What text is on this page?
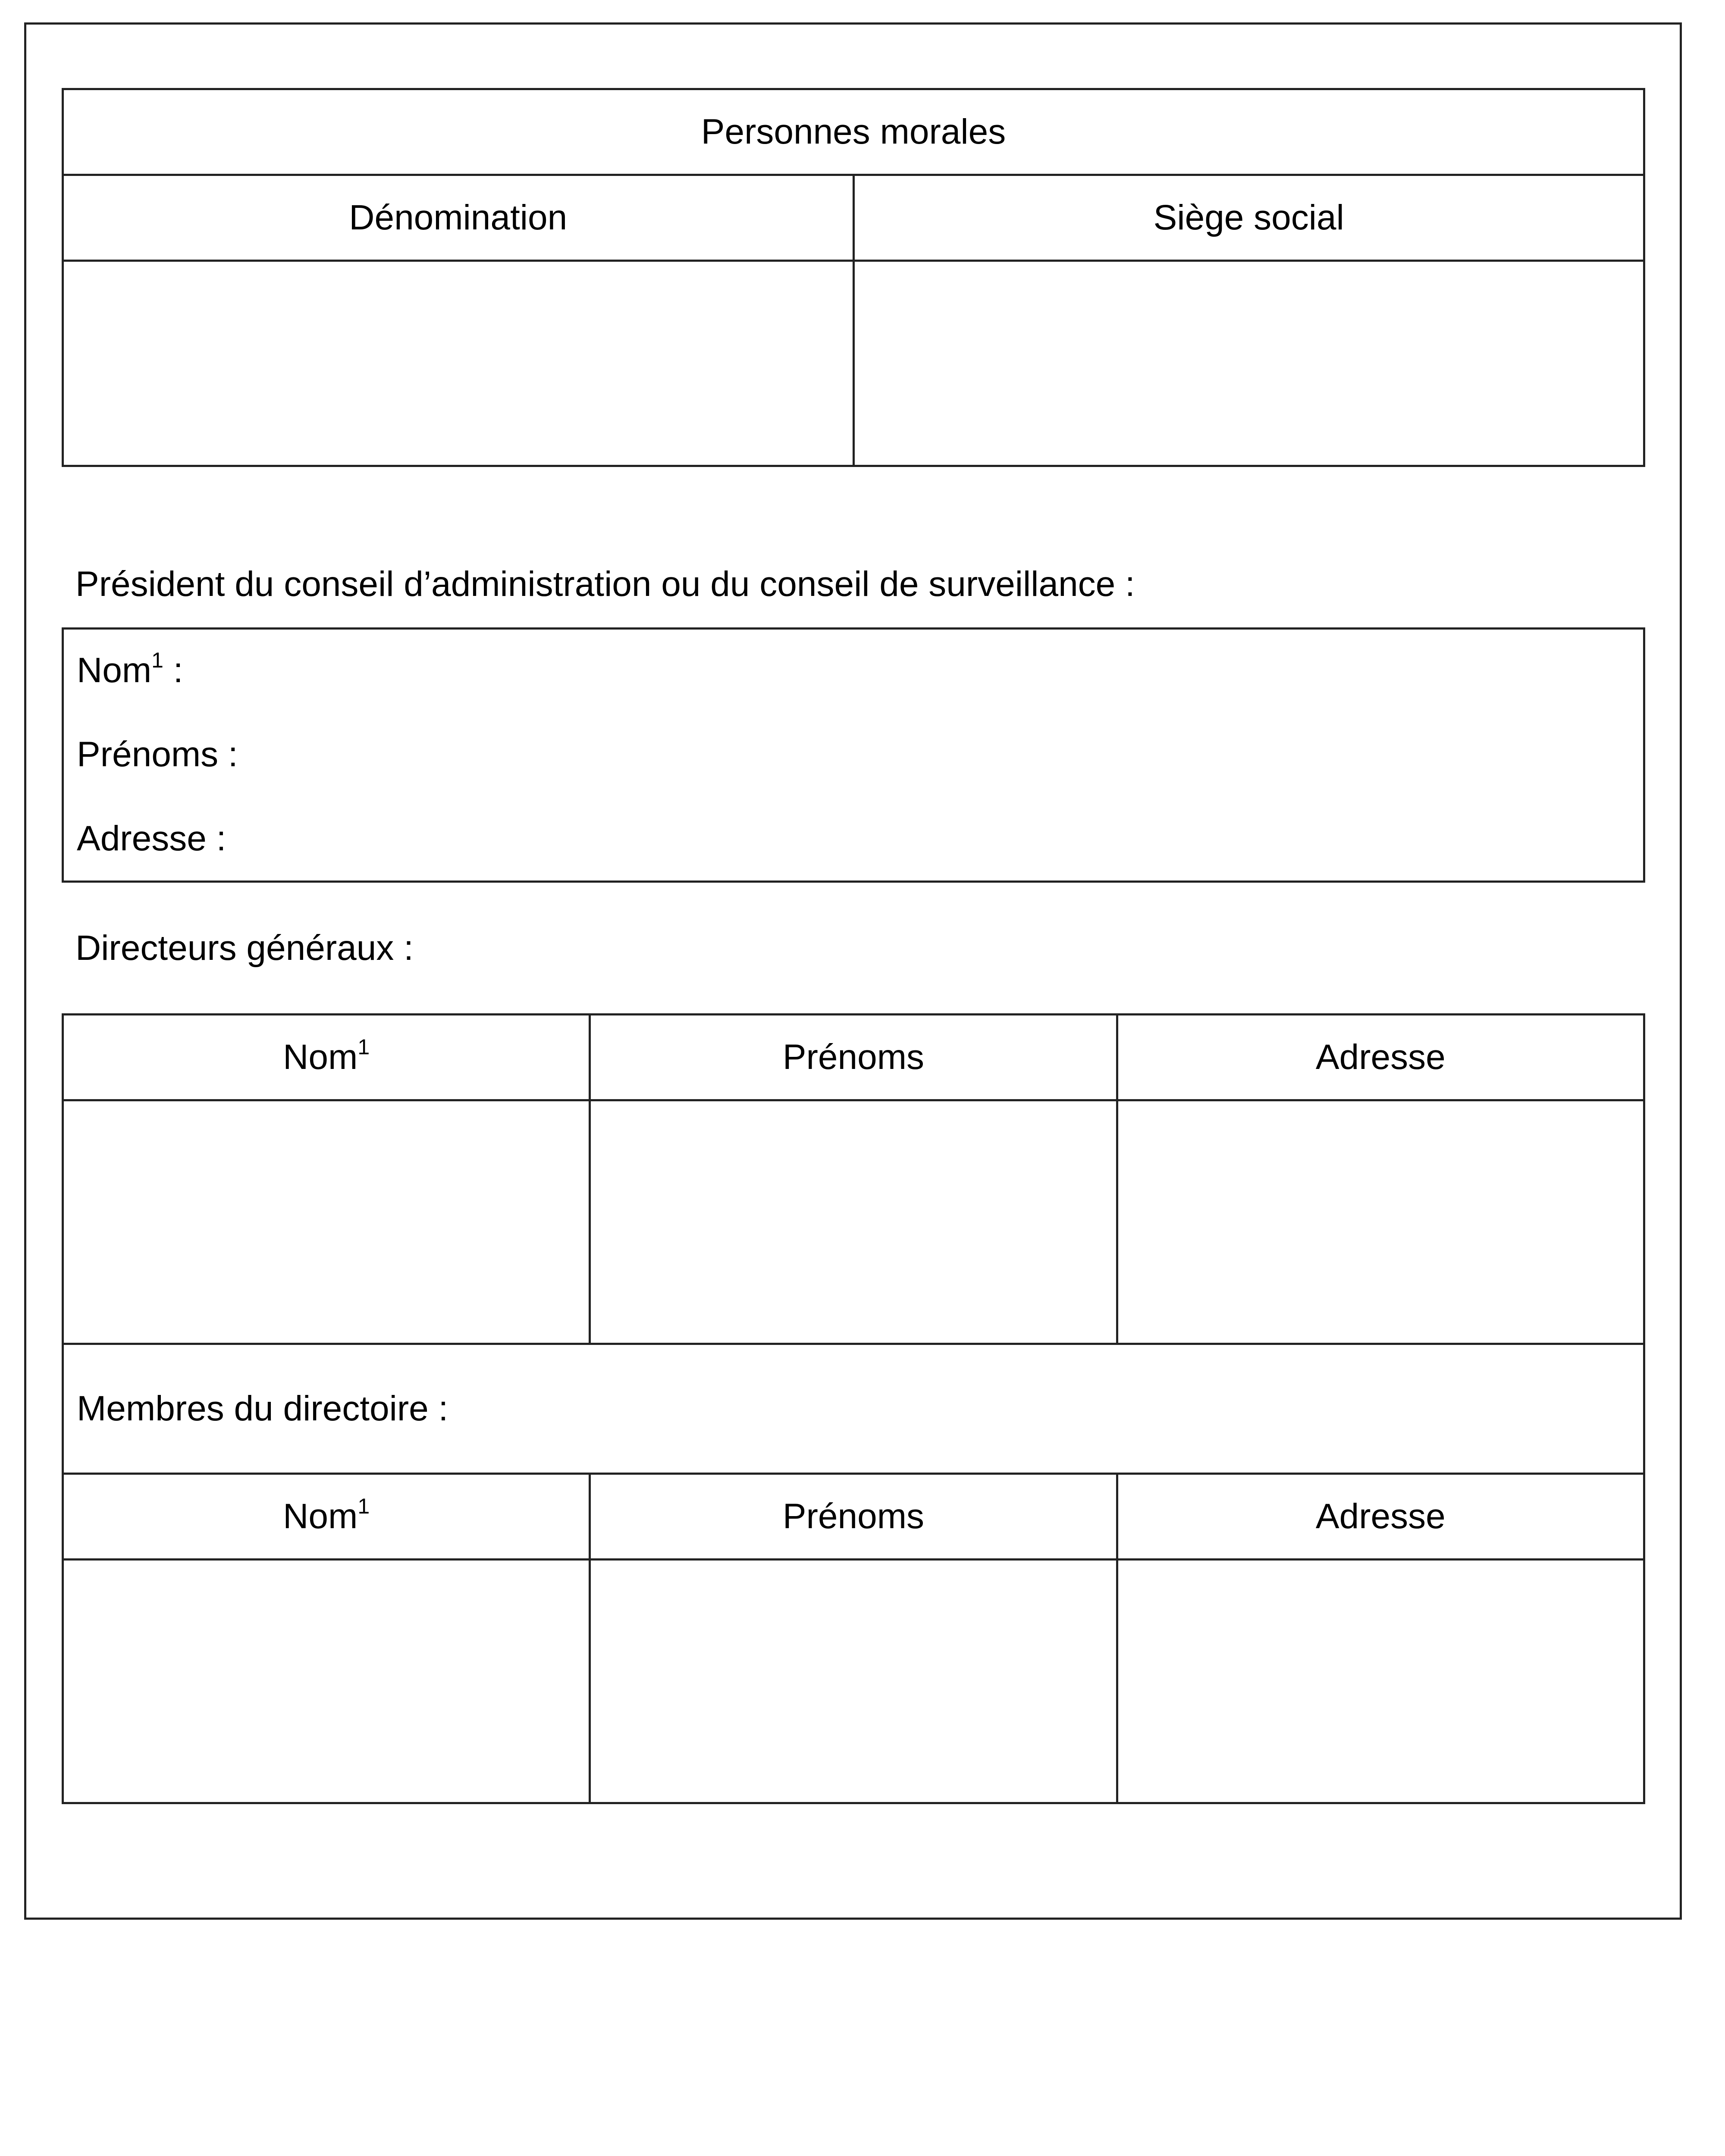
Personnes morales	
Dénomination	Siège social

Président du conseil d’administration ou du conseil de surveillance :
Nom$^1$ :
Prénoms :
Adresse :
Directeurs généraux :
Nom$^1$	Prénoms	Adresse

Membres du directoire :		
Nom$^1$	Prénoms	Adresse
